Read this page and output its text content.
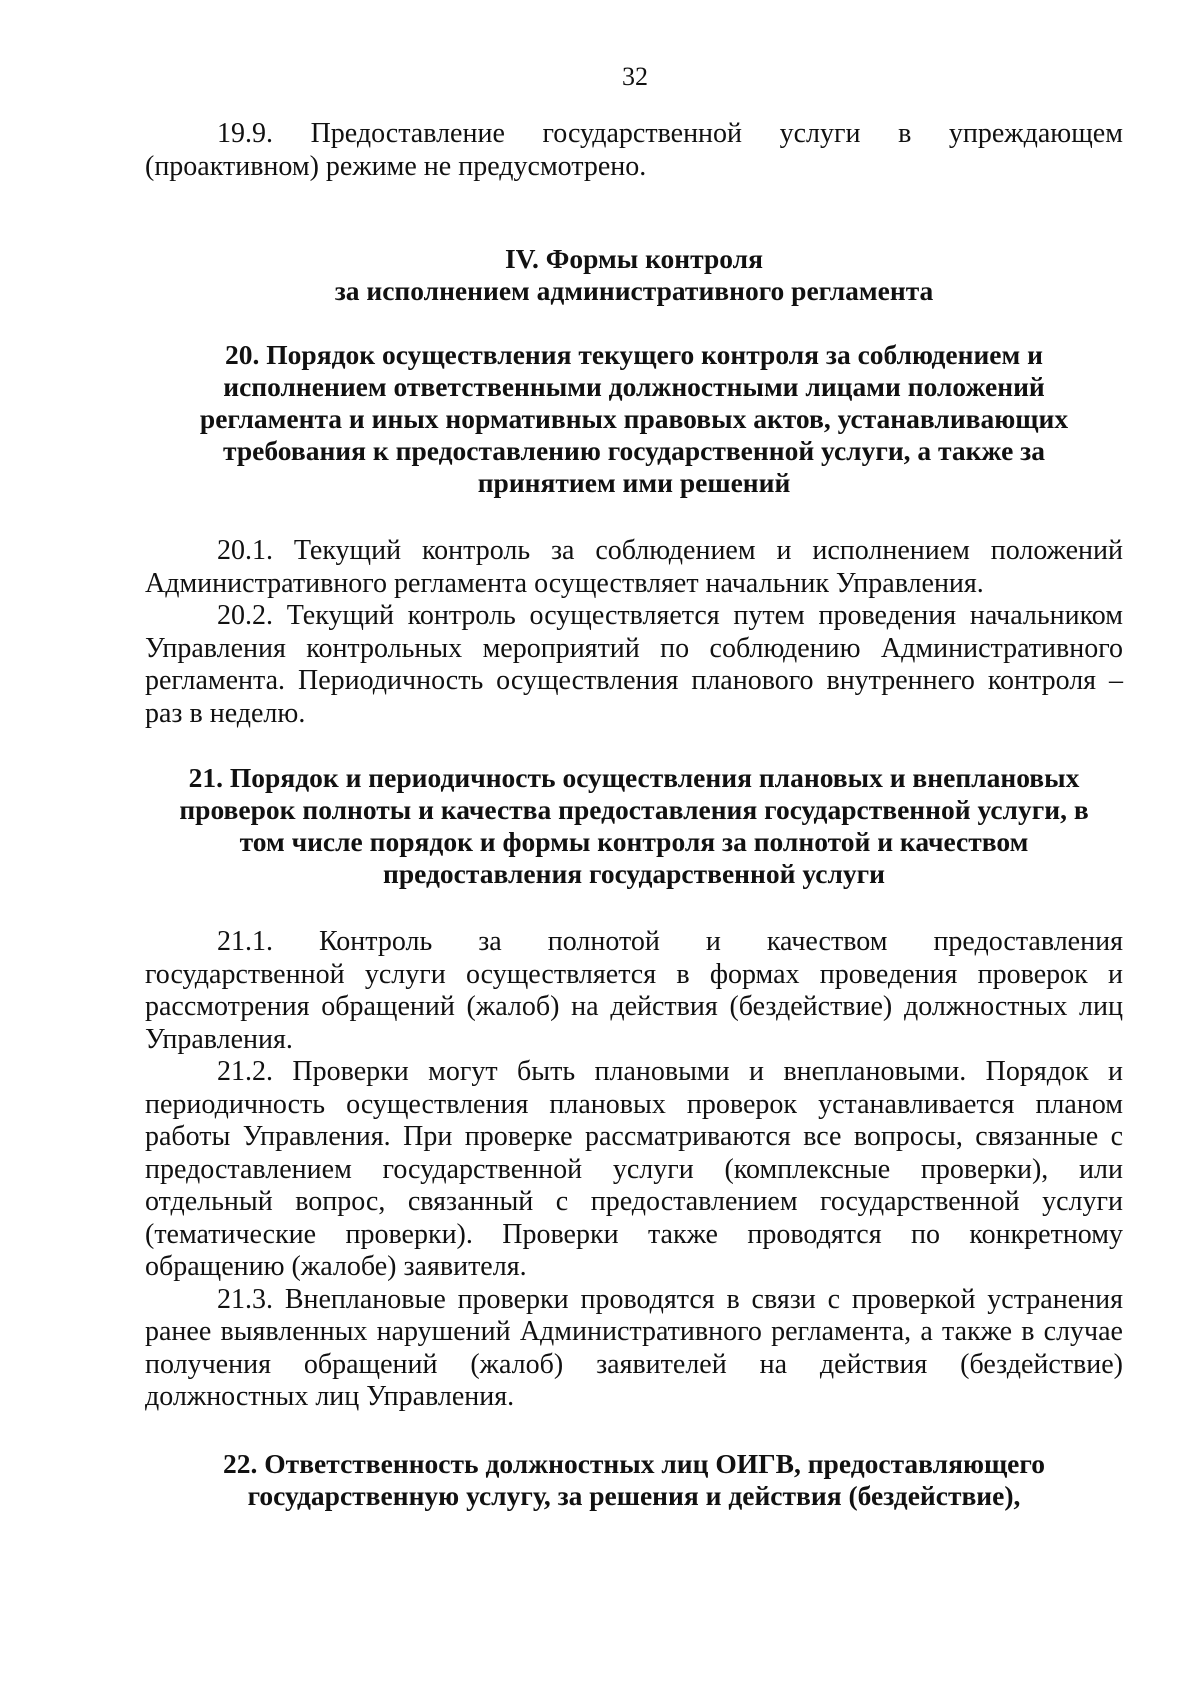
32

19.9. Предоставление государственной услуги в упреждающем

(проактивном) режиме не предусмотрено.

IV. Формы контроля
за исполнением административного регламента
20. Порядок осуществления текущего контроля за соблюдением и
исполнением ответственными должностными лицами положений
регламента и иных нормативных правовых актов, устанавливающих
требования к предоставлению государственной услуги, а также за
принятием ими решений

20.1. Текущий контроль за соблюдением и исполнением положений Административного регламента осуществляет начальник Управления.

20.2. Текущий контроль осуществляется путем проведения начальником Управления контрольных мероприятий по соблюдению Административного регламента. Периодичность осуществления планового внутреннего контроля – раз в неделю.

21. Порядок и периодичность осуществления плановых и внеплановых
проверок полноты и качества предоставления государственной услуги, в
том числе порядок и формы контроля за полнотой и качеством
предоставления государственной услуги

21.1. Контроль за полнотой и качеством предоставления

государственной услуги осуществляется в формах проведения проверок и рассмотрения обращений (жалоб) на действия (бездействие) должностных лиц Управления.

21.2. Проверки могут быть плановыми и внеплановыми. Порядок и периодичность осуществления плановых проверок устанавливается планом работы Управления. При проверке рассматриваются все вопросы, связанные с предоставлением государственной услуги (комплексные проверки), или отдельный вопрос, связанный с предоставлением государственной услуги (тематические проверки). Проверки также проводятся по конкретному обращению (жалобе) заявителя.

21.3. Внеплановые проверки проводятся в связи с проверкой устранения ранее выявленных нарушений Административного регламента, а также в случае получения обращений (жалоб) заявителей на действия (бездействие) должностных лиц Управления.

22. Ответственность должностных лиц ОИГВ, предоставляющего
государственную услугу, за решения и действия (бездействие),
